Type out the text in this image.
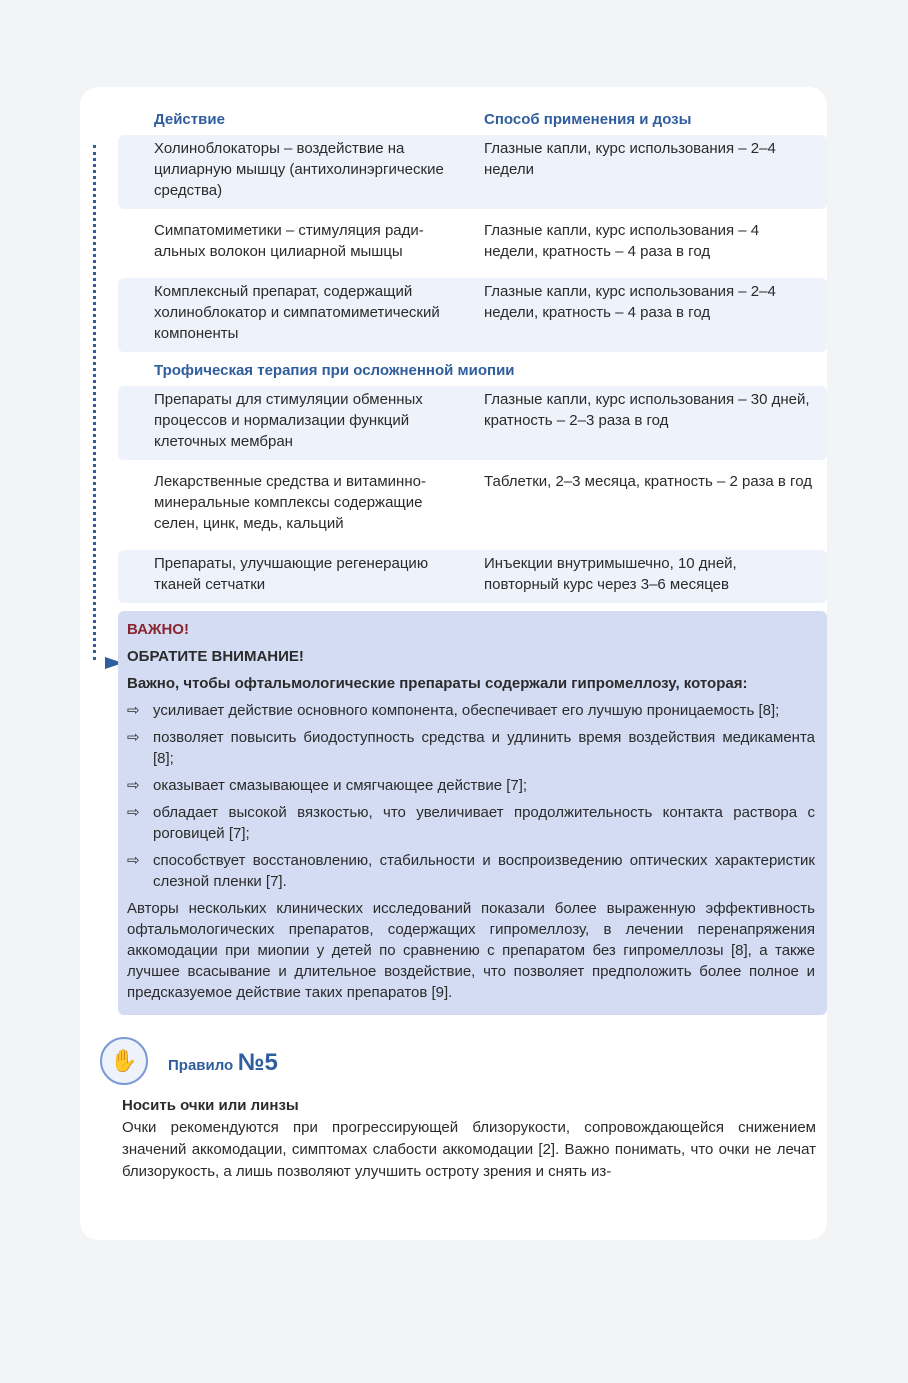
Действие	Способ применения и дозы
Холиноблокаторы – воздействие на цилиарную мышцу (антихолинэргические средства)
Глазные капли, курс использования – 2–4 недели
Симпатомиметики – стимуляция радиальных волокон цилиарной мышцы
Глазные капли, курс использования – 4 недели, кратность – 4 раза в год
Комплексный препарат, содержащий холиноблокатор и симпатомиметический компоненты
Глазные капли, курс использования – 2–4 недели, кратность – 4 раза в год
Трофическая терапия при осложненной миопии
Препараты для стимуляции обменных процессов и нормализации функций клеточных мембран
Глазные капли, курс использования – 30 дней, кратность – 2–3 раза в год
Лекарственные средства и витаминно-минеральные комплексы содержащие селен, цинк, медь, кальций
Таблетки, 2–3 месяца, кратность – 2 раза в год
Препараты, улучшающие регенерацию тканей сетчатки
Инъекции внутримышечно, 10 дней, повторный курс через 3–6 месяцев
ВАЖНО!
ОБРАТИТЕ ВНИМАНИЕ!
Важно, чтобы офтальмологические препараты содержали гипромеллозу, которая:
⇨ усиливает действие основного компонента, обеспечивает его лучшую проницаемость [8];
⇨ позволяет повысить биодоступность средства и удлинить время воздействия медикамента [8];
⇨ оказывает смазывающее и смягчающее действие [7];
⇨ обладает высокой вязкостью, что увеличивает продолжительность контакта раствора с роговицей [7];
⇨ способствует восстановлению, стабильности и воспроизведению оптических характеристик слезной пленки [7].
Авторы нескольких клинических исследований показали более выраженную эффективность офтальмологических препаратов, содержащих гипромеллозу, в лечении перенапряжения аккомодации при миопии у детей по сравнению с препаратом без гипромеллозы [8], а также лучшее всасывание и длительное воздействие, что позволяет предположить более полное и предсказуемое действие таких препаратов [9].
✋	Правило №5
Носить очки или линзы
Очки рекомендуются при прогрессирующей близорукости, сопровождающейся снижением значений аккомодации, симптомах слабости аккомодации [2]. Важно понимать, что очки не лечат близорукость, а лишь позволяют улучшить остроту зрения и снять из-
